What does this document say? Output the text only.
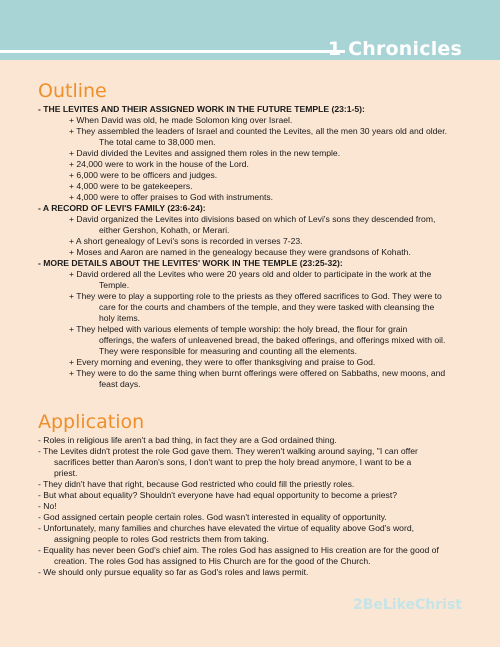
1 Chronicles
Outline
- THE LEVITES AND THEIR ASSIGNED WORK IN THE FUTURE TEMPLE (23:1-5):
+ When David was old, he made Solomon king over Israel.
+ They assembled the leaders of Israel and counted the Levites, all the men 30 years old and older.
The total came to 38,000 men.
+ David divided the Levites and assigned them roles in the new temple.
+ 24,000 were to work in the house of the Lord.
+ 6,000 were to be officers and judges.
+ 4,000 were to be gatekeepers.
+ 4,000 were to offer praises to God with instruments.
- A RECORD OF LEVI'S FAMILY (23:6-24):
+ David organized the Levites into divisions based on which of Levi's sons they descended from,
either Gershon, Kohath, or Merari.
+ A short genealogy of Levi's sons is recorded in verses 7-23.
+ Moses and Aaron are named in the genealogy because they were grandsons of Kohath.
- MORE DETAILS ABOUT THE LEVITES' WORK IN THE TEMPLE (23:25-32):
+ David ordered all the Levites who were 20 years old and older to participate in the work at the
Temple.
+ They were to play a supporting role to the priests as they offered sacrifices to God. They were to
care for the courts and chambers of the temple, and they were tasked with cleansing the
holy items.
+ They helped with various elements of temple worship: the holy bread, the flour for grain
offerings, the wafers of unleavened bread, the baked offerings, and offerings mixed with oil.
They were responsible for measuring and counting all the elements.
+ Every morning and evening, they were to offer thanksgiving and praise to God.
+ They were to do the same thing when burnt offerings were offered on Sabbaths, new moons, and
feast days.
Application
- Roles in religious life aren't a bad thing, in fact they are a God ordained thing.
- The Levites didn't protest the role God gave them. They weren't walking around saying, "I can offer
sacrifices better than Aaron's sons, I don't want to prep the holy bread anymore, I want to be a
priest.
- They didn't have that right, because God restricted who could fill the priestly roles.
- But what about equality? Shouldn't everyone have had equal opportunity to become a priest?
- No!
- God assigned certain people certain roles. God wasn't interested in equality of opportunity.
- Unfortunately, many families and churches have elevated the virtue of equality above God's word,
assigning people to roles God restricts them from taking.
- Equality has never been God's chief aim. The roles God has assigned to His creation are for the good of
creation. The roles God has assigned to His Church are for the good of the Church.
- We should only pursue equality so far as God's roles and laws permit.
2BeLikeChrist
